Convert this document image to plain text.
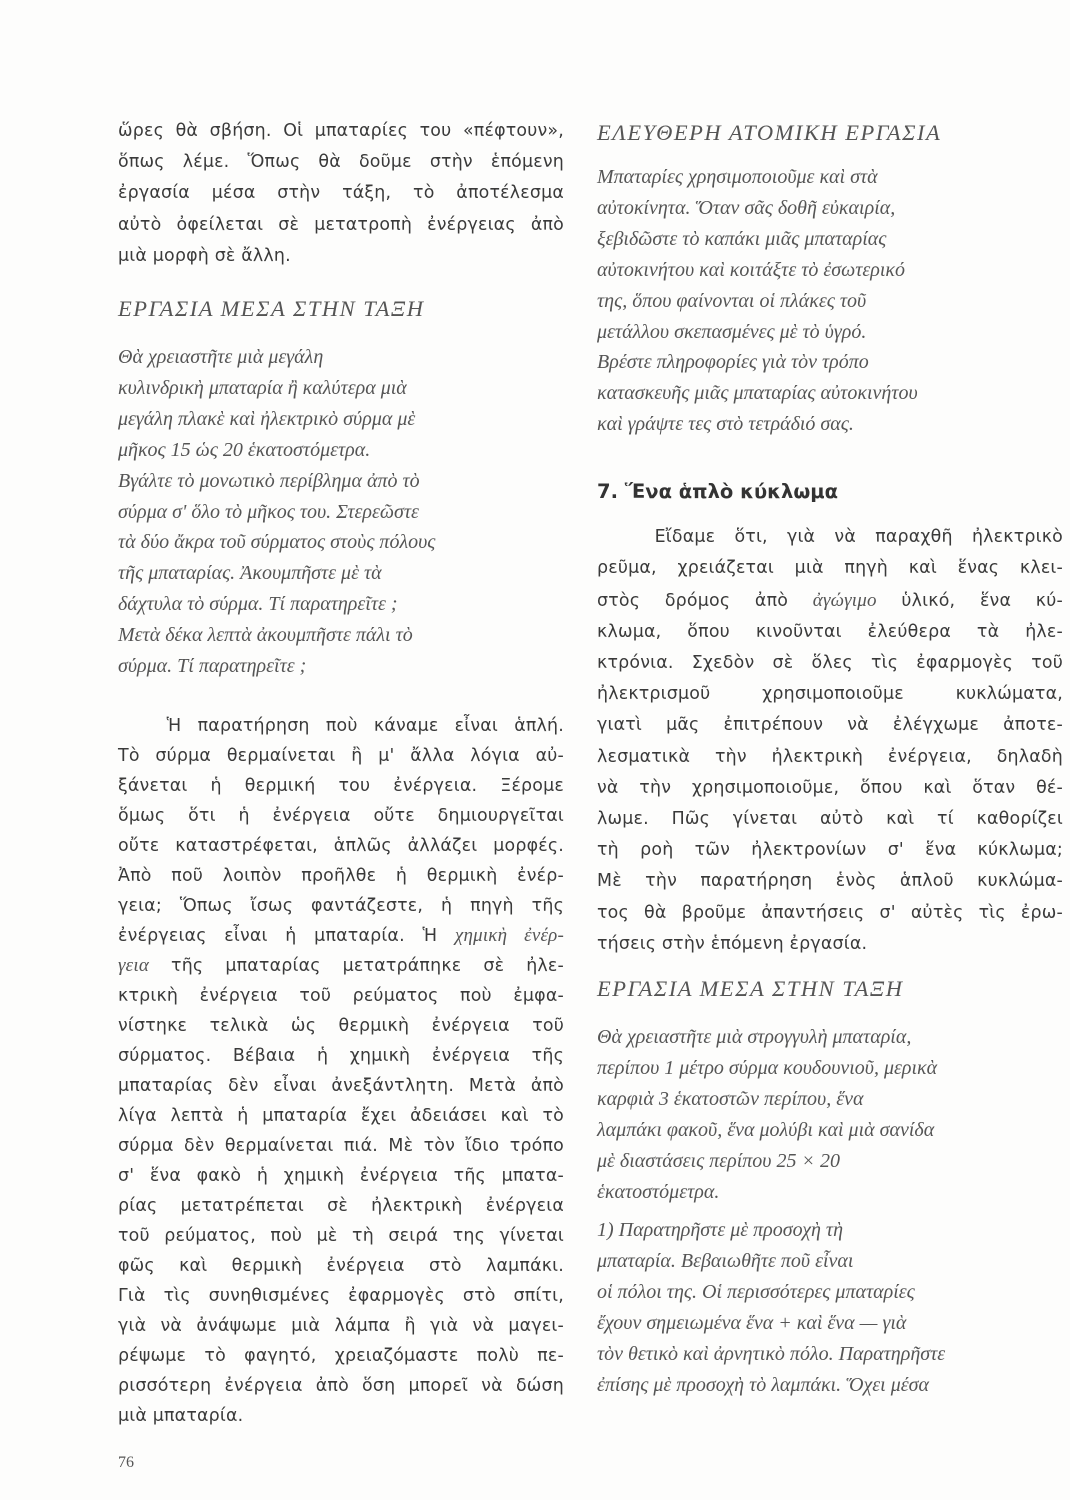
ὥρες θὰ σβήση. Οἱ μπαταρίες του «πέφτουν»,
ὅπως λέμε. Ὅπως θὰ δοῦμε στὴν ἑπόμενη
ἐργασία μέσα στὴν τάξη, τὸ ἀποτέλεσμα
αὐτὸ ὀφείλεται σὲ μετατροπὴ ἐνέργειας ἀπὸ
μιὰ μορφὴ σὲ ἄλλη.
ΕΡΓΑΣΙΑ ΜΕΣΑ ΣΤΗΝ ΤΑΞΗ
Θὰ χρειαστῆτε μιὰ μεγάλη
κυλινδρικὴ μπαταρία ἢ καλύτερα μιὰ
μεγάλη πλακὲ καὶ ἠλεκτρικὸ σύρμα μὲ
μῆκος 15 ὡς 20 ἑκατοστόμετρα.
Βγάλτε τὸ μονωτικὸ περίβλημα ἀπὸ τὸ
σύρμα σ' ὅλο τὸ μῆκος του. Στερεῶστε
τὰ δύο ἄκρα τοῦ σύρματος στοὺς πόλους
τῆς μπαταρίας. Ἀκουμπῆστε μὲ τὰ
δάχτυλα τὸ σύρμα. Τί παρατηρεῖτε ;
Μετὰ δέκα λεπτὰ ἀκουμπῆστε πάλι τὸ
σύρμα. Τί παρατηρεῖτε ;
Ἡ παρατήρηση ποὺ κάναμε εἶναι ἁπλή.
Τὸ σύρμα θερμαίνεται ἢ μ' ἄλλα λόγια αὐ-
ξάνεται ἡ θερμική του ἐνέργεια. Ξέρομε
ὅμως ὅτι ἡ ἐνέργεια οὔτε δημιουργεῖται
οὔτε καταστρέφεται, ἁπλῶς ἀλλάζει μορφές.
Ἀπὸ ποῦ λοιπὸν προῆλθε ἡ θερμικὴ ἐνέρ-
γεια; Ὅπως ἴσως φαντάζεστε, ἡ πηγὴ τῆς
ἐνέργειας εἶναι ἡ μπαταρία. Ἡ χημικὴ ἐνέρ-
γεια τῆς μπαταρίας μετατράπηκε σὲ ἠλε-
κτρικὴ ἐνέργεια τοῦ ρεύματος ποὺ ἐμφα-
νίστηκε τελικὰ ὡς θερμικὴ ἐνέργεια τοῦ
σύρματος. Βέβαια ἡ χημικὴ ἐνέργεια τῆς
μπαταρίας δὲν εἶναι ἀνεξάντλητη. Μετὰ ἀπὸ
λίγα λεπτὰ ἡ μπαταρία ἔχει ἀδειάσει καὶ τὸ
σύρμα δὲν θερμαίνεται πιά. Μὲ τὸν ἴδιο τρόπο
σ' ἕνα φακὸ ἡ χημικὴ ἐνέργεια τῆς μπατα-
ρίας μετατρέπεται σὲ ἠλεκτρικὴ ἐνέργεια
τοῦ ρεύματος, ποὺ μὲ τὴ σειρά της γίνεται
φῶς καὶ θερμικὴ ἐνέργεια στὸ λαμπάκι.
Γιὰ τὶς συνηθισμένες ἐφαρμογὲς στὸ σπίτι,
γιὰ νὰ ἀνάψωμε μιὰ λάμπα ἢ γιὰ νὰ μαγει-
ρέψωμε τὸ φαγητό, χρειαζόμαστε πολὺ πε-
ρισσότερη ἐνέργεια ἀπὸ ὅση μπορεῖ νὰ δώση
μιὰ μπαταρία.
ΕΛΕΥΘΕΡΗ ΑΤΟΜΙΚΗ ΕΡΓΑΣΙΑ
Μπαταρίες χρησιμοποιοῦμε καὶ στὰ
αὐτοκίνητα. Ὅταν σᾶς δοθῆ εὐκαιρία,
ξεβιδῶστε τὸ καπάκι μιᾶς μπαταρίας
αὐτοκινήτου καὶ κοιτάξτε τὸ ἐσωτερικό
της, ὅπου φαίνονται οἱ πλάκες τοῦ
μετάλλου σκεπασμένες μὲ τὸ ὑγρό.
Βρέστε πληροφορίες γιὰ τὸν τρόπο
κατασκευῆς μιᾶς μπαταρίας αὐτοκινήτου
καὶ γράψτε τες στὸ τετράδιό σας.
7. Ἕνα ἁπλὸ κύκλωμα
Εἴδαμε ὅτι, γιὰ νὰ παραχθῆ ἠλεκτρικὸ
ρεῦμα, χρειάζεται μιὰ πηγὴ καὶ ἕνας κλει-
στὸς δρόμος ἀπὸ ἀγώγιμο ὑλικό, ἕνα κύ-
κλωμα, ὅπου κινοῦνται ἐλεύθερα τὰ ἠλε-
κτρόνια. Σχεδὸν σὲ ὅλες τὶς ἐφαρμογὲς τοῦ
ἠλεκτρισμοῦ χρησιμοποιοῦμε κυκλώματα,
γιατὶ μᾶς ἐπιτρέπουν νὰ ἐλέγχωμε ἀποτε-
λεσματικὰ τὴν ἠλεκτρικὴ ἐνέργεια, δηλαδὴ
νὰ τὴν χρησιμοποιοῦμε, ὅπου καὶ ὅταν θέ-
λωμε. Πῶς γίνεται αὐτὸ καὶ τί καθορίζει
τὴ ροὴ τῶν ἠλεκτρονίων σ' ἕνα κύκλωμα;
Μὲ τὴν παρατήρηση ἑνὸς ἁπλοῦ κυκλώμα-
τος θὰ βροῦμε ἀπαντήσεις σ' αὐτὲς τὶς ἐρω-
τήσεις στὴν ἑπόμενη ἐργασία.
ΕΡΓΑΣΙΑ ΜΕΣΑ ΣΤΗΝ ΤΑΞΗ
Θὰ χρειαστῆτε μιὰ στρογγυλὴ μπαταρία,
περίπου 1 μέτρο σύρμα κουδουνιοῦ, μερικὰ
καρφιὰ 3 ἑκατοστῶν περίπου, ἕνα
λαμπάκι φακοῦ, ἕνα μολύβι καὶ μιὰ σανίδα
μὲ διαστάσεις περίπου 25 × 20
ἑκατοστόμετρα.
1) Παρατηρῆστε μὲ προσοχὴ τὴ
μπαταρία. Βεβαιωθῆτε ποῦ εἶναι
οἱ πόλοι της. Οἱ περισσότερες μπαταρίες
ἔχουν σημειωμένα ἕνα + καὶ ἕνα — γιὰ
τὸν θετικὸ καὶ ἀρνητικὸ πόλο. Παρατηρῆστε
ἐπίσης μὲ προσοχὴ τὸ λαμπάκι. Ὅχει μέσα
76
